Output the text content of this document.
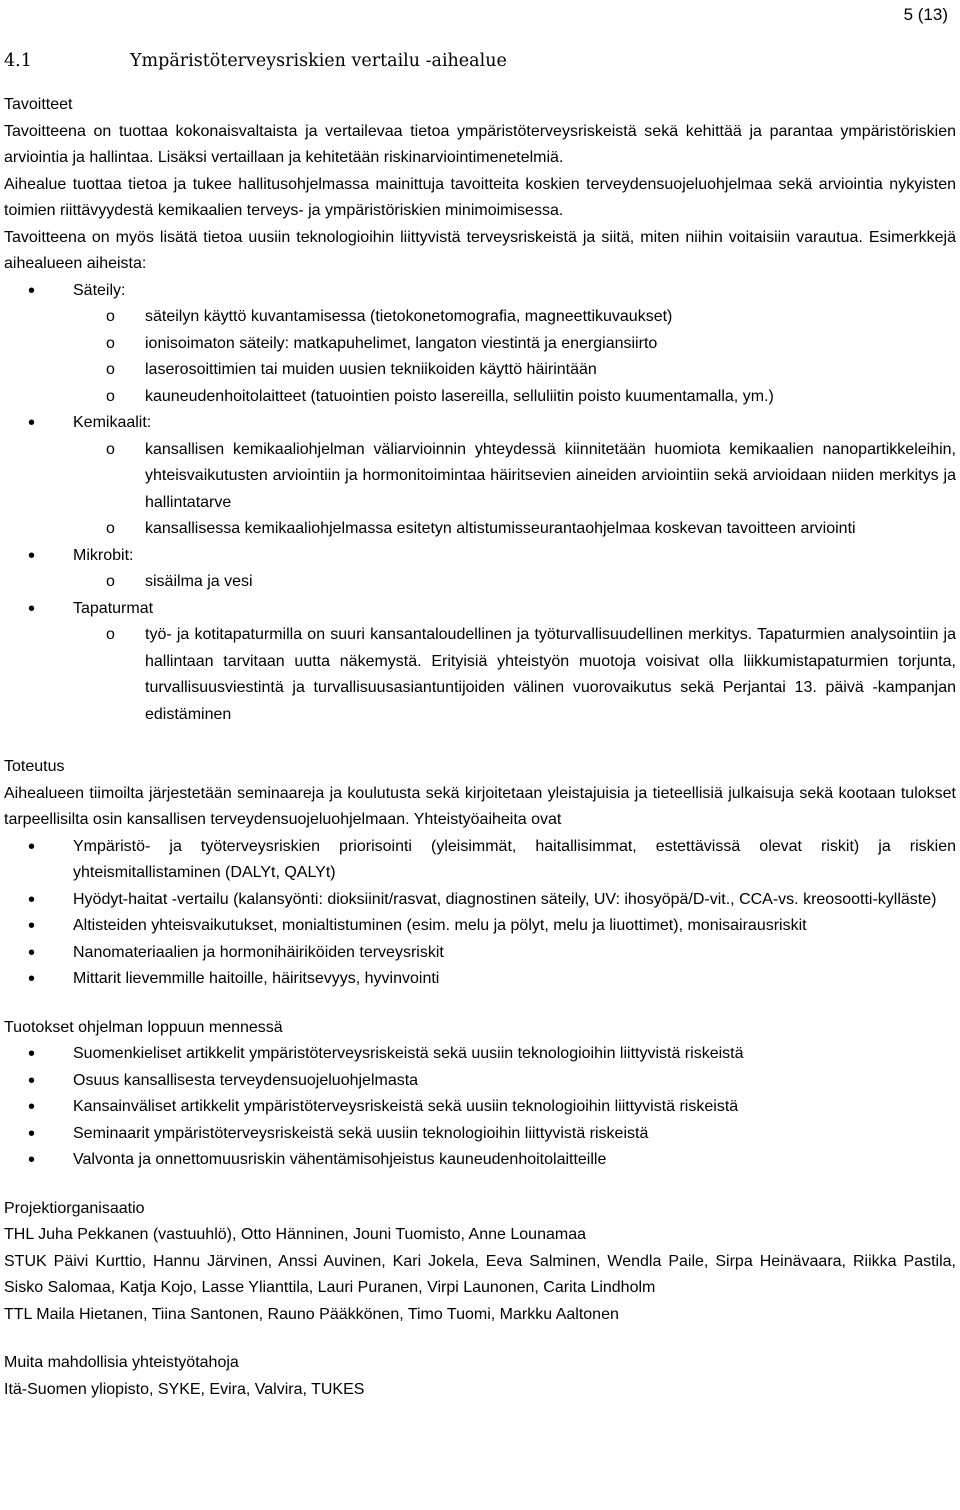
5 (13)
4.1	Ympäristöterveysriskien vertailu -aihealue

Tavoitteet

Tavoitteena on tuottaa kokonaisvaltaista ja vertailevaa tietoa ympäristöterveysriskeistä sekä kehittää ja parantaa ympäristöriskien arviointia ja hallintaa. Lisäksi vertaillaan ja kehitetään riskinarviointimenetelmiä.

Aihealue tuottaa tietoa ja tukee hallitusohjelmassa mainittuja tavoitteita koskien terveydensuojeluohjelmaa sekä arviointia nykyisten toimien riittävyydestä kemikaalien terveys- ja ympäristöriskien minimoimisessa.

Tavoitteena on myös lisätä tietoa uusiin teknologioihin liittyvistä terveysriskeistä ja siitä, miten niihin voitaisiin varautua. Esimerkkejä aihealueen aiheista:

• Säteily:
o säteilyn käyttö kuvantamisessa (tietokonetomografia, magneettikuvaukset)
o ionisoimaton säteily: matkapuhelimet, langaton viestintä ja energiansiirto
o laserosoittimien tai muiden uusien tekniikoiden käyttö häirintään
o kauneudenhoitolaitteet (tatuointien poisto lasereilla, selluliitin poisto kuumentamalla, ym.)
• Kemikaalit:
o kansallisen kemikaaliohjelman väliarvioinnin yhteydessä kiinnitetään huomiota kemikaalien nanopartikkeleihin, yhteisvaikutusten arviointiin ja hormonitoimintaa häiritsevien aineiden arviointiin sekä arvioidaan niiden merkitys ja hallintatarve
o kansallisessa kemikaaliohjelmassa esitetyn altistumisseurantaohjelmaa koskevan tavoitteen arviointi
• Mikrobit:
o sisäilma ja vesi
• Tapaturmat
o työ- ja kotitapaturmilla on suuri kansantaloudellinen ja työturvallisuudellinen merkitys. Tapaturmien analysointiin ja hallintaan tarvitaan uutta näkemystä. Erityisiä yhteistyön muotoja voisivat olla liikkumistapaturmien torjunta, turvallisuusviestintä ja turvallisuusasiantuntijoiden välinen vuorovaikutus sekä Perjantai 13. päivä -kampanjan edistäminen

Toteutus

Aihealueen tiimoilta järjestetään seminaareja ja koulutusta sekä kirjoitetaan yleistajuisia ja tieteellisiä julkaisuja sekä kootaan tulokset tarpeellisilta osin kansallisen terveydensuojeluohjelmaan. Yhteistyöaiheita ovat

• Ympäristö- ja työterveysriskien priorisointi (yleisimmät, haitallisimmat, estettävissä olevat riskit) ja riskien yhteismitallistaminen (DALYt, QALYt)
• Hyödyt-haitat -vertailu (kalansyönti: dioksiinit/rasvat, diagnostinen säteily, UV: ihosyöpä/D-vit., CCA-vs. kreosootti-kylläste)
• Altisteiden yhteisvaikutukset, monialtistuminen (esim. melu ja pölyt, melu ja liuottimet), monisairausriskit
• Nanomateriaalien ja hormonihäiriköiden terveysriskit
• Mittarit lievemmille haitoille, häiritsevyys, hyvinvointi

Tuotokset ohjelman loppuun mennessä

• Suomenkieliset artikkelit ympäristöterveysriskeistä sekä uusiin teknologioihin liittyvistä riskeistä
• Osuus kansallisesta terveydensuojeluohjelmasta
• Kansainväliset artikkelit ympäristöterveysriskeistä sekä uusiin teknologioihin liittyvistä riskeistä
• Seminaarit ympäristöterveysriskeistä sekä uusiin teknologioihin liittyvistä riskeistä
• Valvonta ja onnettomuusriskin vähentämisohjeistus kauneudenhoitolaitteille

Projektiorganisaatio

THL Juha Pekkanen (vastuuhlö), Otto Hänninen, Jouni Tuomisto, Anne Lounamaa

STUK Päivi Kurttio, Hannu Järvinen, Anssi Auvinen, Kari Jokela, Eeva Salminen, Wendla Paile, Sirpa Heinävaara, Riikka Pastila, Sisko Salomaa, Katja Kojo, Lasse Ylianttila, Lauri Puranen, Virpi Launonen, Carita Lindholm

TTL Maila Hietanen, Tiina Santonen, Rauno Pääkkönen, Timo Tuomi, Markku Aaltonen

Muita mahdollisia yhteistyötahoja

Itä-Suomen yliopisto, SYKE, Evira, Valvira, TUKES
